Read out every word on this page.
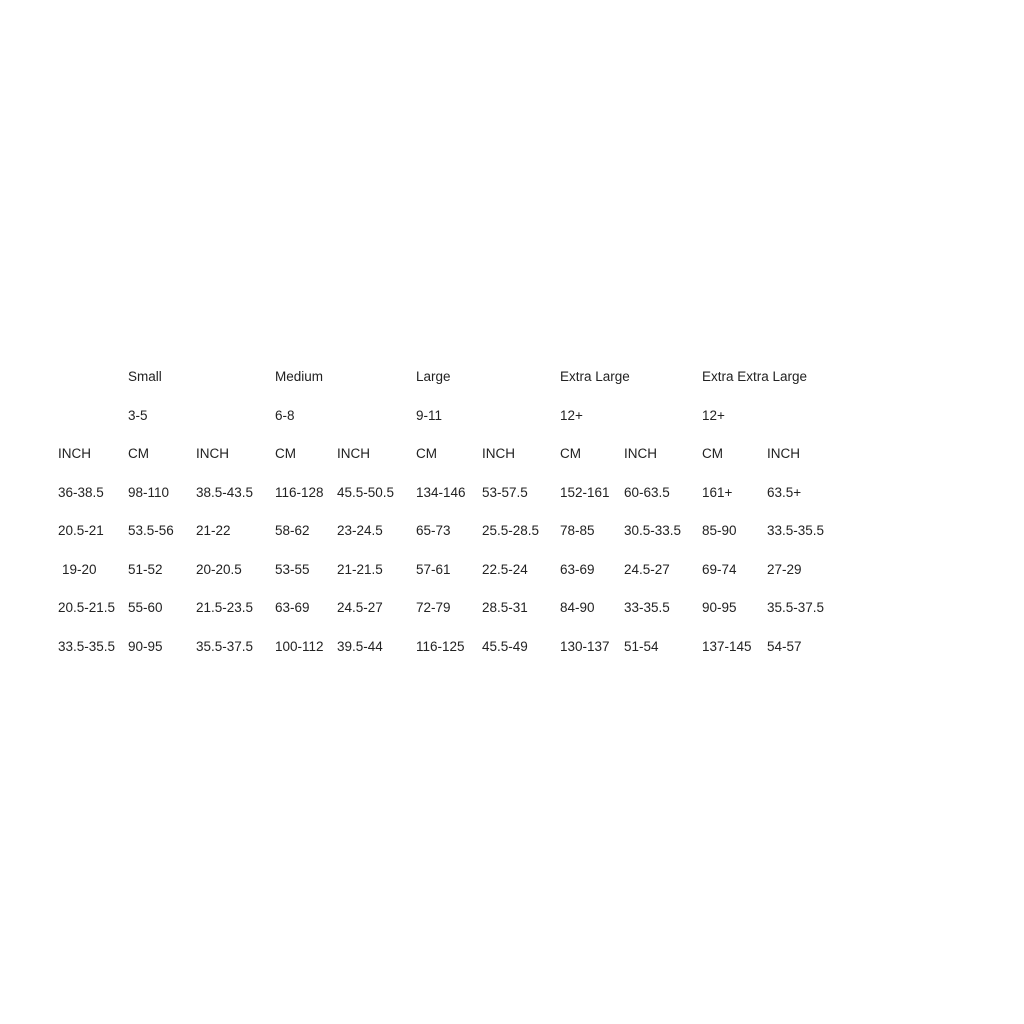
Small	Medium	Large	Extra Large	Extra Extra Large
3-5	6-8	9-11	12+	12+
INCH	CM	INCH	CM	INCH	CM	INCH	CM	INCH	CM	INCH
36-38.5 98-110 38.5-43.5 116-128 45.5-50.5 134-146 53-57.5 152-161 60-63.5 161+	63.5+
20.5-21 53.5-56 21-22	58-62 23-24.5 65-73 25.5-28.5 78-85 30.5-33.5 85-90 33.5-35.5
19-20 51-52 20-20.5 53-55 21-21.5 57-61 22.5-24 63-69 24.5-27 69-74 27-29
20.5-21.5 55-60 21.5-23.5 63-69 24.5-27 72-79 28.5-31 84-90 33-35.5 90-95 35.5-37.5
33.5-35.5 90-95 35.5-37.5 100-112 39.5-44 116-125 45.5-49 130-137 51-54	137-145 54-57
